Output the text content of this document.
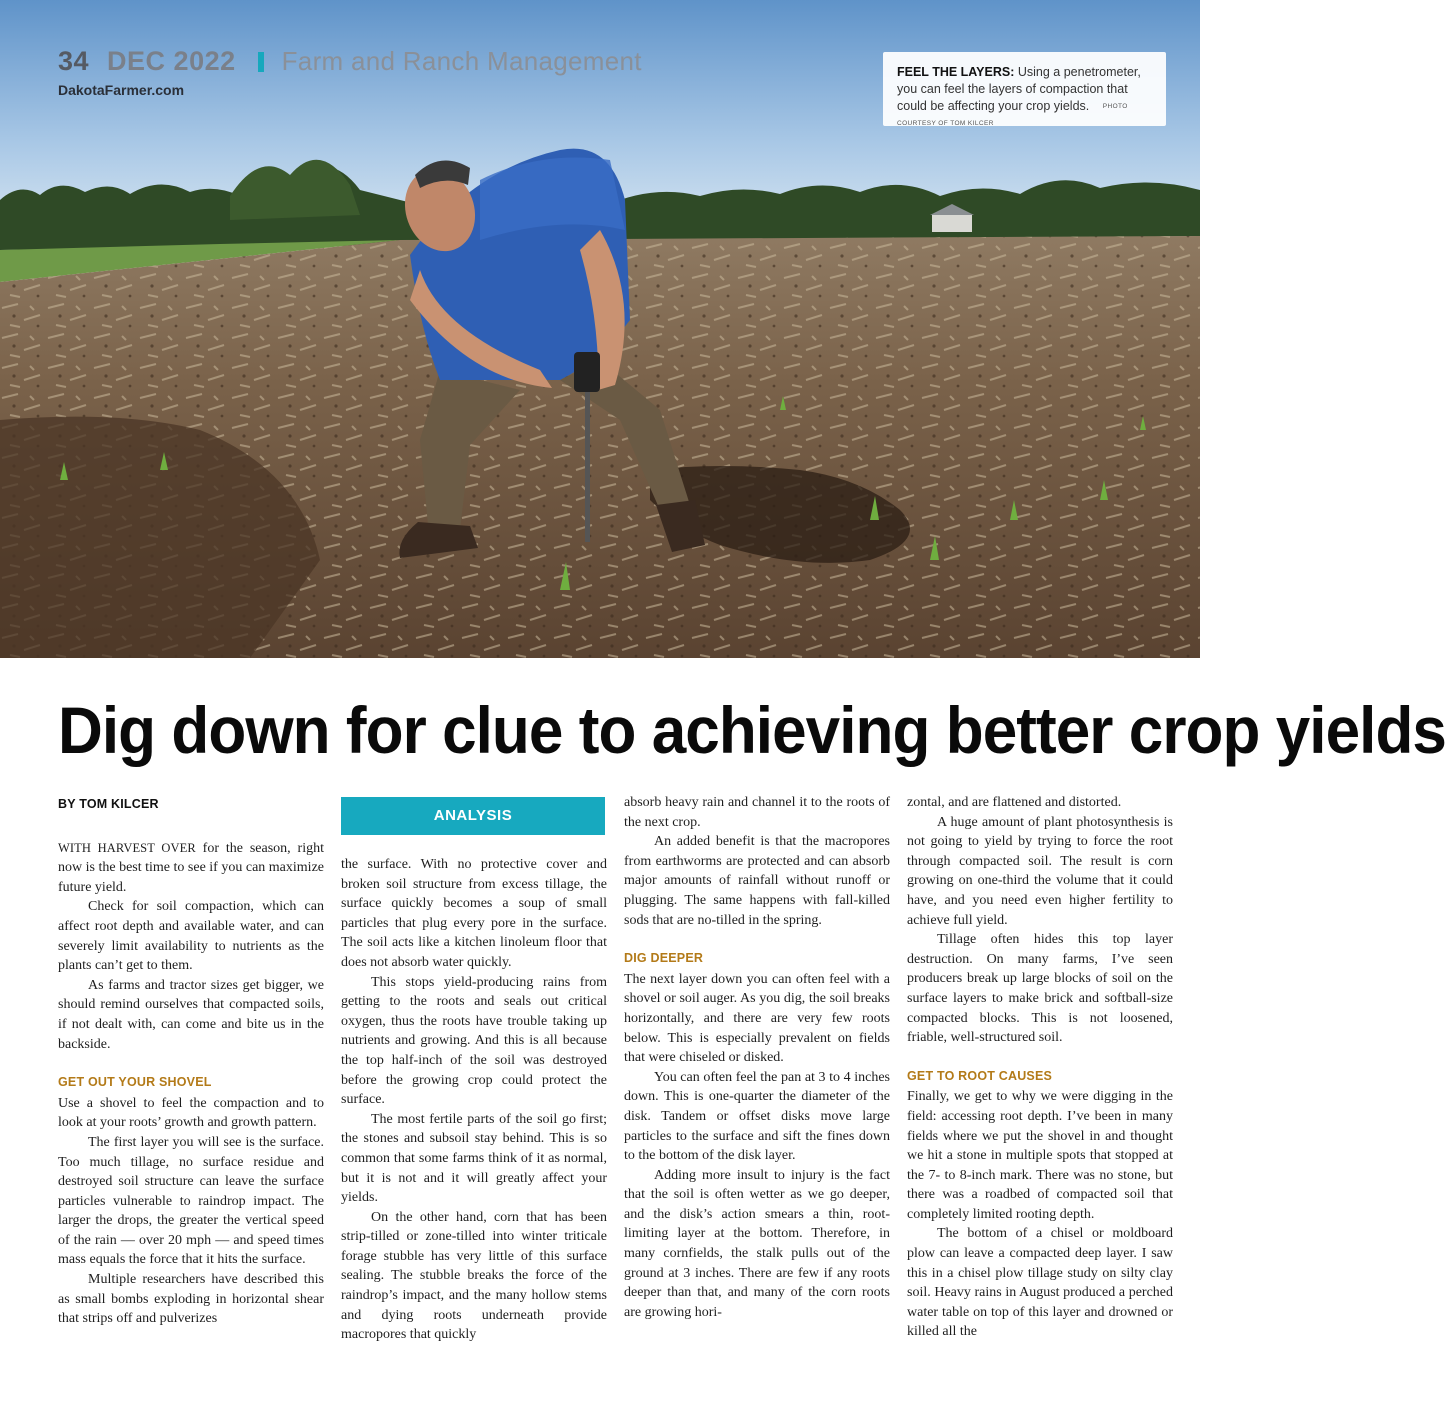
34 DEC 2022 Farm and Ranch Management
DakotaFarmer.com
FEEL THE LAYERS: Using a penetrometer, you can feel the layers of compaction that could be affecting your crop yields. PHOTO COURTESY OF TOM KILCER
Dig down for clue to achieving better crop yields
BY TOM KILCER

WITH HARVEST OVER for the season, right now is the best time to see if you can maximize future yield.

Check for soil compaction, which can affect root depth and available water, and can severely limit availability to nutrients as the plants can’t get to them.

As farms and tractor sizes get bigger, we should remind ourselves that compacted soils, if not dealt with, can come and bite us in the backside.

GET OUT YOUR SHOVEL

Use a shovel to feel the compaction and to look at your roots’ growth and growth pattern.

The first layer you will see is the surface. Too much tillage, no surface residue and destroyed soil structure can leave the surface particles vulnerable to raindrop impact. The larger the drops, the greater the vertical speed of the rain — over 20 mph — and speed times mass equals the force that it hits the surface.

Multiple researchers have described this as small bombs exploding in horizontal shear that strips off and pulverizes

ANALYSIS

the surface. With no protective cover and broken soil structure from excess tillage, the surface quickly becomes a soup of small particles that plug every pore in the surface. The soil acts like a kitchen linoleum floor that does not absorb water quickly.

This stops yield-producing rains from getting to the roots and seals out critical oxygen, thus the roots have trouble taking up nutrients and growing. And this is all because the top half-inch of the soil was destroyed before the growing crop could protect the surface.

The most fertile parts of the soil go first; the stones and subsoil stay behind. This is so common that some farms think of it as normal, but it is not and it will greatly affect your yields.

On the other hand, corn that has been strip-tilled or zone-tilled into winter triticale forage stubble has very little of this surface sealing. The stubble breaks the force of the raindrop’s impact, and the many hollow stems and dying roots underneath provide macropores that quickly

absorb heavy rain and channel it to the roots of the next crop.

An added benefit is that the macropores from earthworms are protected and can absorb major amounts of rainfall without runoff or plugging. The same happens with fall-killed sods that are no-tilled in the spring.

DIG DEEPER

The next layer down you can often feel with a shovel or soil auger. As you dig, the soil breaks horizontally, and there are very few roots below. This is especially prevalent on fields that were chiseled or disked.

You can often feel the pan at 3 to 4 inches down. This is one-quarter the diameter of the disk. Tandem or offset disks move large particles to the surface and sift the fines down to the bottom of the disk layer.

Adding more insult to injury is the fact that the soil is often wetter as we go deeper, and the disk’s action smears a thin, root-limiting layer at the bottom. Therefore, in many cornfields, the stalk pulls out of the ground at 3 inches. There are few if any roots deeper than that, and many of the corn roots are growing hori-

zontal, and are flattened and distorted.

A huge amount of plant photosynthesis is not going to yield by trying to force the root through compacted soil. The result is corn growing on one-third the volume that it could have, and you need even higher fertility to achieve full yield.

Tillage often hides this top layer destruction. On many farms, I’ve seen producers break up large blocks of soil on the surface layers to make brick and softball-size compacted blocks. This is not loosened, friable, well-structured soil.

GET TO ROOT CAUSES

Finally, we get to why we were digging in the field: accessing root depth. I’ve been in many fields where we put the shovel in and thought we hit a stone in multiple spots that stopped at the 7- to 8-inch mark. There was no stone, but there was a roadbed of compacted soil that completely limited rooting depth.

The bottom of a chisel or moldboard plow can leave a compacted deep layer. I saw this in a chisel plow tillage study on silty clay soil. Heavy rains in August produced a perched water table on top of this layer and drowned or killed all the
